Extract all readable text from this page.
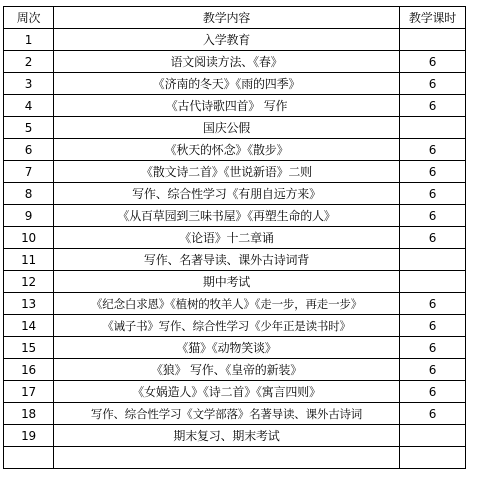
周次	教学内容	教学课时
1	入学教育	
2	语文阅读方法、《春》	6
3	《济南的冬天》《雨的四季》	6
4	《古代诗歌四首》 写作	6
5	国庆公假	
6	《秋天的怀念》《散步》	6
7	《散文诗二首》《世说新语》二则	6
8	写作、综合性学习《有朋自远方来》	6
9	《从百草园到三味书屋》《再塑生命的人》	6
10	《论语》十二章诵	6
11	写作、名著导读、课外古诗词背	
12	期中考试	
13	《纪念白求恩》《植树的牧羊人》《走一步，再走一步》	6
14	《诫子书》写作、综合性学习《少年正是读书时》	6
15	《猫》《动物笑谈》	6
16	《狼》 写作、《皇帝的新装》	6
17	《女娲造人》《诗二首》《寓言四则》	6
18	写作、综合性学习《文学部落》名著导读、课外古诗词	6
19	期末复习、期末考试	
